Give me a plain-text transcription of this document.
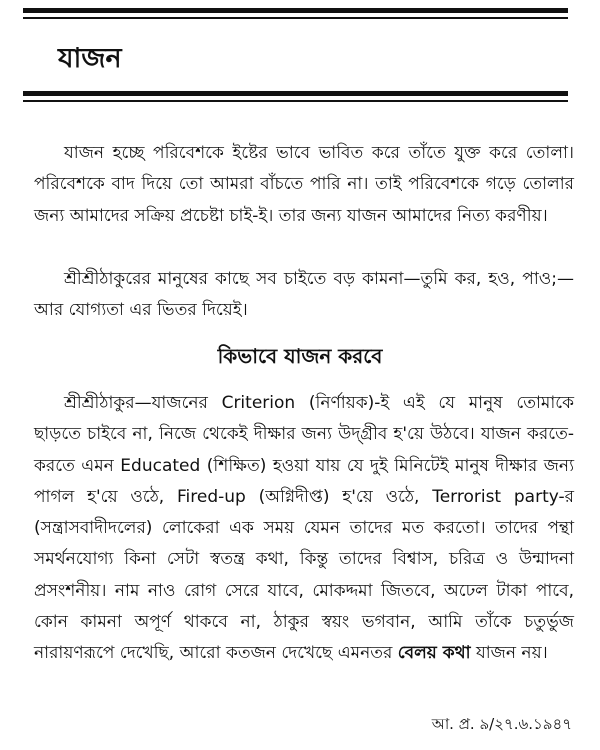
যাজন

যাজন হচ্ছে পরিবেশকে ইষ্টের ভাবে ভাবিত করে তাঁতে যুক্ত করে তোলা। পরিবেশকে বাদ দিয়ে তো আমরা বাঁচতে পারি না। তাই পরিবেশকে গড়ে তোলার জন্য আমাদের সক্রিয় প্রচেষ্টা চাই-ই। তার জন্য যাজন আমাদের নিত্য করণীয়।

শ্রীশ্রীঠাকুরের মানুষের কাছে সব চাইতে বড় কামনা—তুমি কর, হও, পাও;—আর যোগ্যতা এর ভিতর দিয়েই।

কিভাবে যাজন করবে

শ্রীশ্রীঠাকুর—যাজনের Criterion (নির্ণায়ক)-ই এই যে মানুষ তোমাকে ছাড়তে চাইবে না, নিজে থেকেই দীক্ষার জন্য উদ্গ্রীব হ'য়ে উঠবে। যাজন করতে-করতে এমন Educated (শিক্ষিত) হওয়া যায় যে দুই মিনিটেই মানুষ দীক্ষার জন্য পাগল হ'য়ে ওঠে, Fired-up (অগ্নিদীপ্ত) হ'য়ে ওঠে, Terrorist party-র (সন্ত্রাসবাদীদলের) লোকেরা এক সময় যেমন তাদের মত করতো। তাদের পন্থা সমর্থনযোগ্য কিনা সেটা স্বতন্ত্র কথা, কিন্তু তাদের বিশ্বাস, চরিত্র ও উন্মাদনা প্রসংশনীয়। নাম নাও রোগ সেরে যাবে, মোকদ্দমা জিতবে, অঢেল টাকা পাবে, কোন কামনা অপূর্ণ থাকবে না, ঠাকুর স্বয়ং ভগবান, আমি তাঁকে চতুর্ভুজ নারায়ণরূপে দেখেছি, আরো কতজন দেখেছে এমনতর বেলয় কথা যাজন নয়।

আ. প্র. ৯/২৭.৬.১৯৪৭
